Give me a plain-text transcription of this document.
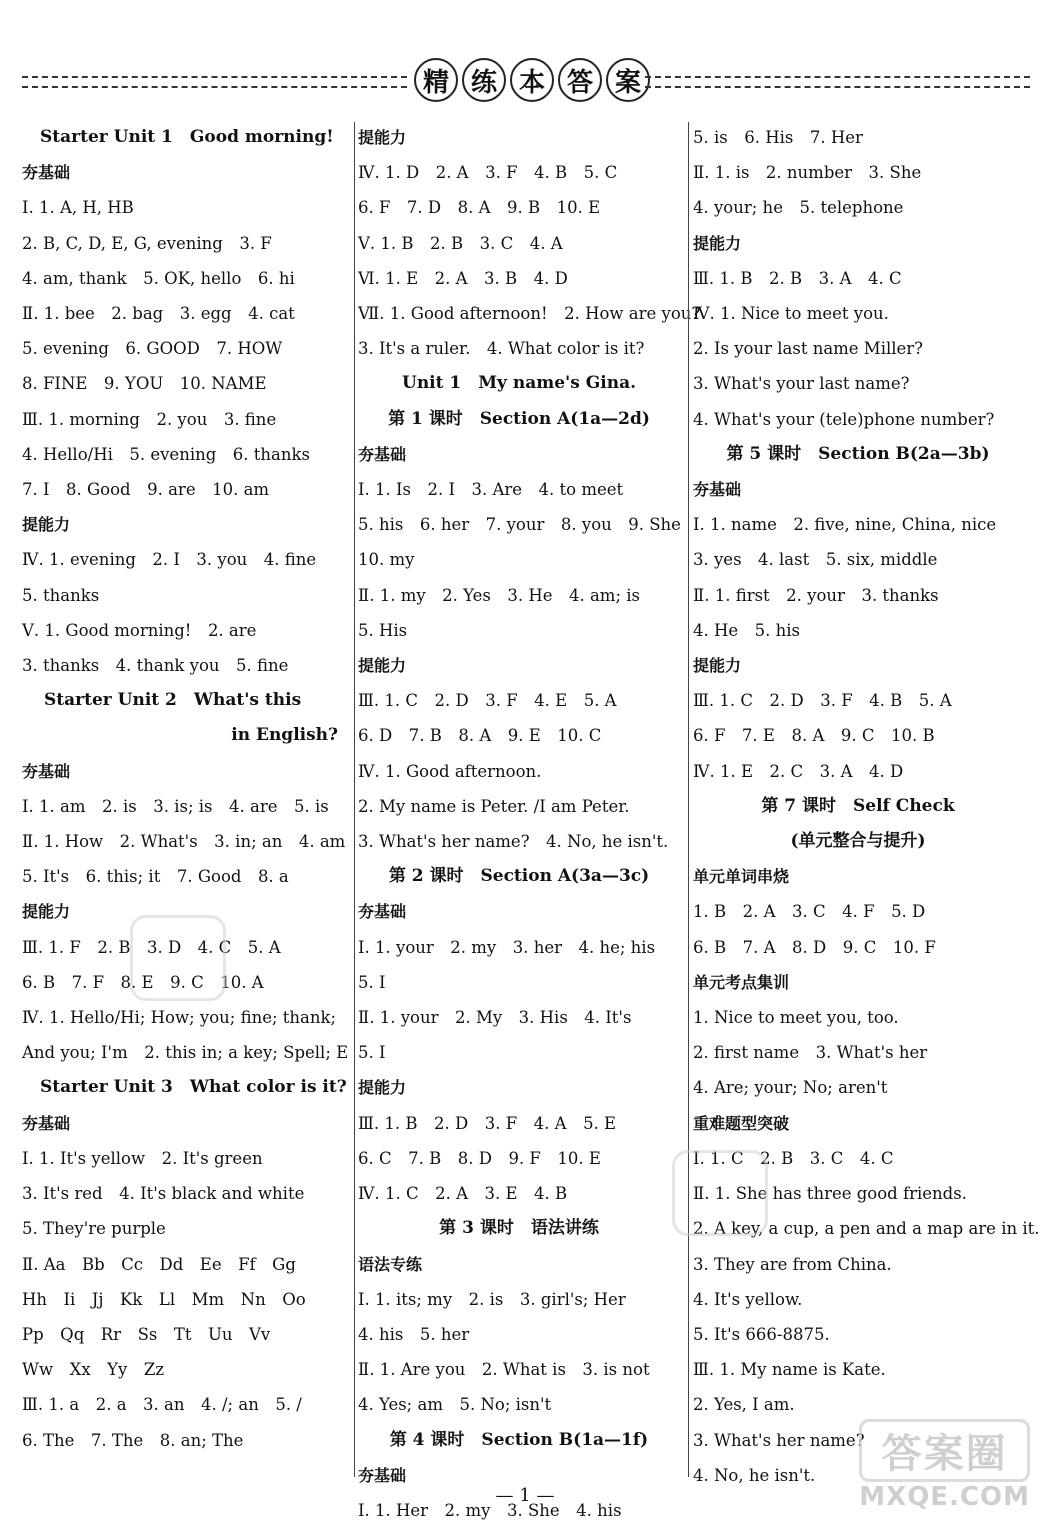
精 练 本 答 案
Starter Unit 1　Good morning!
夯基础
Ⅰ. 1. A, H, HB
2. B, C, D, E, G, evening　3. F
4. am, thank　5. OK, hello　6. hi
Ⅱ. 1. bee　2. bag　3. egg　4. cat
5. evening　6. GOOD　7. HOW
8. FINE　9. YOU　10. NAME
Ⅲ. 1. morning　2. you　3. fine
4. Hello/Hi　5. evening　6. thanks
7. I　8. Good　9. are　10. am
提能力
Ⅳ. 1. evening　2. I　3. you　4. fine
5. thanks
Ⅴ. 1. Good morning!　2. are
3. thanks　4. thank you　5. fine
Starter Unit 2　What's this
in English?
夯基础
Ⅰ. 1. am　2. is　3. is; is　4. are　5. is
Ⅱ. 1. How　2. What's　3. in; an　4. am
5. It's　6. this; it　7. Good　8. a
提能力
Ⅲ. 1. F　2. B　3. D　4. C　5. A
6. B　7. F　8. E　9. C　10. A
Ⅳ. 1. Hello/Hi; How; you; fine; thank;
And you; I'm　2. this in; a key; Spell; E
Starter Unit 3　What color is it?
夯基础
Ⅰ. 1. It's yellow　2. It's green
3. It's red　4. It's black and white
5. They're purple
Ⅱ. Aa　Bb　Cc　Dd　Ee　Ff　Gg
Hh　Ii　Jj　Kk　Ll　Mm　Nn　Oo
Pp　Qq　Rr　Ss　Tt　Uu　Vv
Ww　Xx　Yy　Zz
Ⅲ. 1. a　2. a　3. an　4. /; an　5. /
6. The　7. The　8. an; The
提能力
Ⅳ. 1. D　2. A　3. F　4. B　5. C
6. F　7. D　8. A　9. B　10. E
Ⅴ. 1. B　2. B　3. C　4. A
Ⅵ. 1. E　2. A　3. B　4. D
Ⅶ. 1. Good afternoon!　2. How are you?
3. It's a ruler.　4. What color is it?
Unit 1　My name's Gina.
第 1 课时　Section A(1a—2d)
夯基础
Ⅰ. 1. Is　2. I　3. Are　4. to meet
5. his　6. her　7. your　8. you　9. She
10. my
Ⅱ. 1. my　2. Yes　3. He　4. am; is
5. His
提能力
Ⅲ. 1. C　2. D　3. F　4. E　5. A
6. D　7. B　8. A　9. E　10. C
Ⅳ. 1. Good afternoon.
2. My name is Peter. /I am Peter.
3. What's her name?　4. No, he isn't.
第 2 课时　Section A(3a—3c)
夯基础
Ⅰ. 1. your　2. my　3. her　4. he; his
5. I
Ⅱ. 1. your　2. My　3. His　4. It's
5. I
提能力
Ⅲ. 1. B　2. D　3. F　4. A　5. E
6. C　7. B　8. D　9. F　10. E
Ⅳ. 1. C　2. A　3. E　4. B
第 3 课时　语法讲练
语法专练
Ⅰ. 1. its; my　2. is　3. girl's; Her
4. his　5. her
Ⅱ. 1. Are you　2. What is　3. is not
4. Yes; am　5. No; isn't
第 4 课时　Section B(1a—1f)
夯基础
Ⅰ. 1. Her　2. my　3. She　4. his
5. is　6. His　7. Her
Ⅱ. 1. is　2. number　3. She
4. your; he　5. telephone
提能力
Ⅲ. 1. B　2. B　3. A　4. C
Ⅳ. 1. Nice to meet you.
2. Is your last name Miller?
3. What's your last name?
4. What's your (tele)phone number?
第 5 课时　Section B(2a—3b)
夯基础
Ⅰ. 1. name　2. five, nine, China, nice
3. yes　4. last　5. six, middle
Ⅱ. 1. first　2. your　3. thanks
4. He　5. his
提能力
Ⅲ. 1. C　2. D　3. F　4. B　5. A
6. F　7. E　8. A　9. C　10. B
Ⅳ. 1. E　2. C　3. A　4. D
第 7 课时　Self Check
(单元整合与提升)
单元单词串烧
1. B　2. A　3. C　4. F　5. D
6. B　7. A　8. D　9. C　10. F
单元考点集训
1. Nice to meet you, too.
2. first name　3. What's her
4. Are; your; No; aren't
重难题型突破
Ⅰ. 1. C　2. B　3. C　4. C
Ⅱ. 1. She has three good friends.
2. A key, a cup, a pen and a map are in it.
3. They are from China.
4. It's yellow.
5. It's 666-8875.
Ⅲ. 1. My name is Kate.
2. Yes, I am.
3. What's her name?
4. No, he isn't.
— 1 —
答案圈
MXQE.COM
